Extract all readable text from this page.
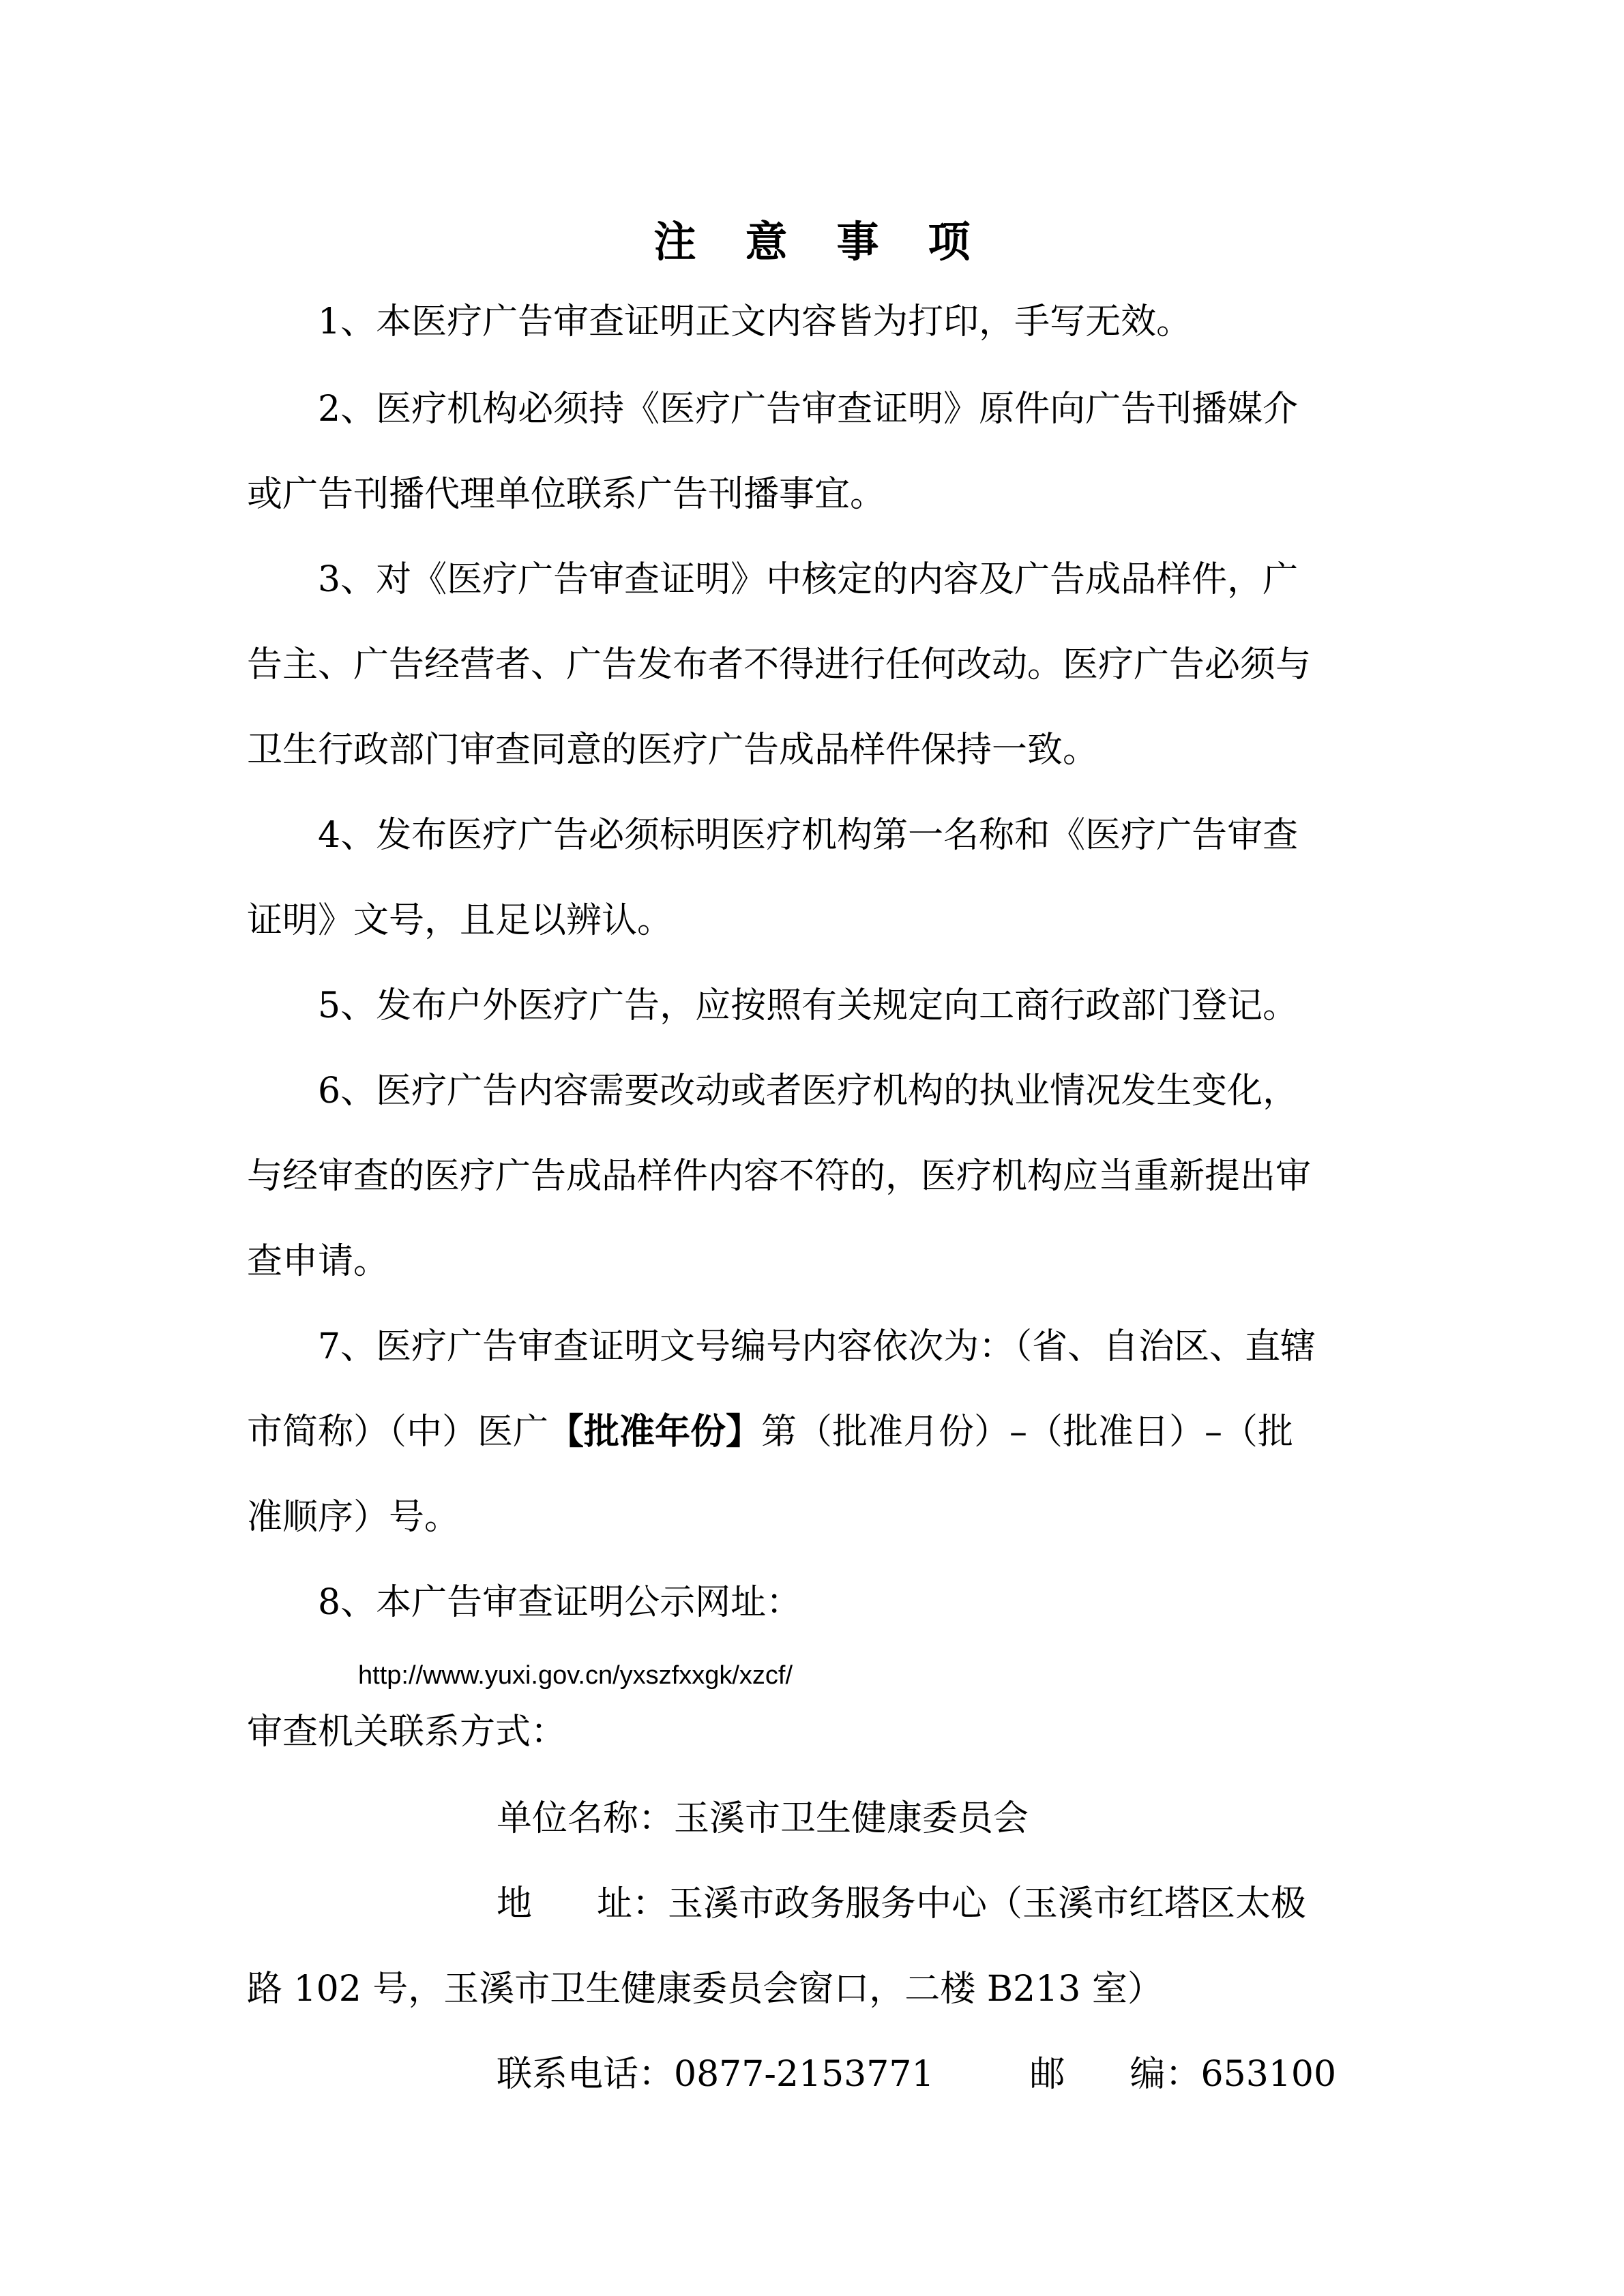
注意事项
1、本医疗广告审查证明正文内容皆为打印，手写无效。
2、医疗机构必须持《医疗广告审查证明》原件向广告刊播媒介
或广告刊播代理单位联系广告刊播事宜。
3、对《医疗广告审查证明》中核定的内容及广告成品样件，广
告主、广告经营者、广告发布者不得进行任何改动。医疗广告必须与
卫生行政部门审查同意的医疗广告成品样件保持一致。
4、发布医疗广告必须标明医疗机构第一名称和《医疗广告审查
证明》文号，且足以辨认。
5、发布户外医疗广告，应按照有关规定向工商行政部门登记。
6、医疗广告内容需要改动或者医疗机构的执业情况发生变化，
与经审查的医疗广告成品样件内容不符的，医疗机构应当重新提出审
查申请。
7、医疗广告审查证明文号编号内容依次为：（省、自治区、直辖
市简称）（中）医广【批准年份】第（批准月份）–（批准日）–（批
准顺序）号。
8、本广告审查证明公示网址：
http://www.yuxi.gov.cn/yxszfxxgk/xzcf/
审查机关联系方式：
单位名称：玉溪市卫生健康委员会
地 址：玉溪市政务服务中心（玉溪市红塔区太极
路 102 号，玉溪市卫生健康委员会窗口，二楼 B213 室）
联系电话：0877-2153771	邮 编：653100
